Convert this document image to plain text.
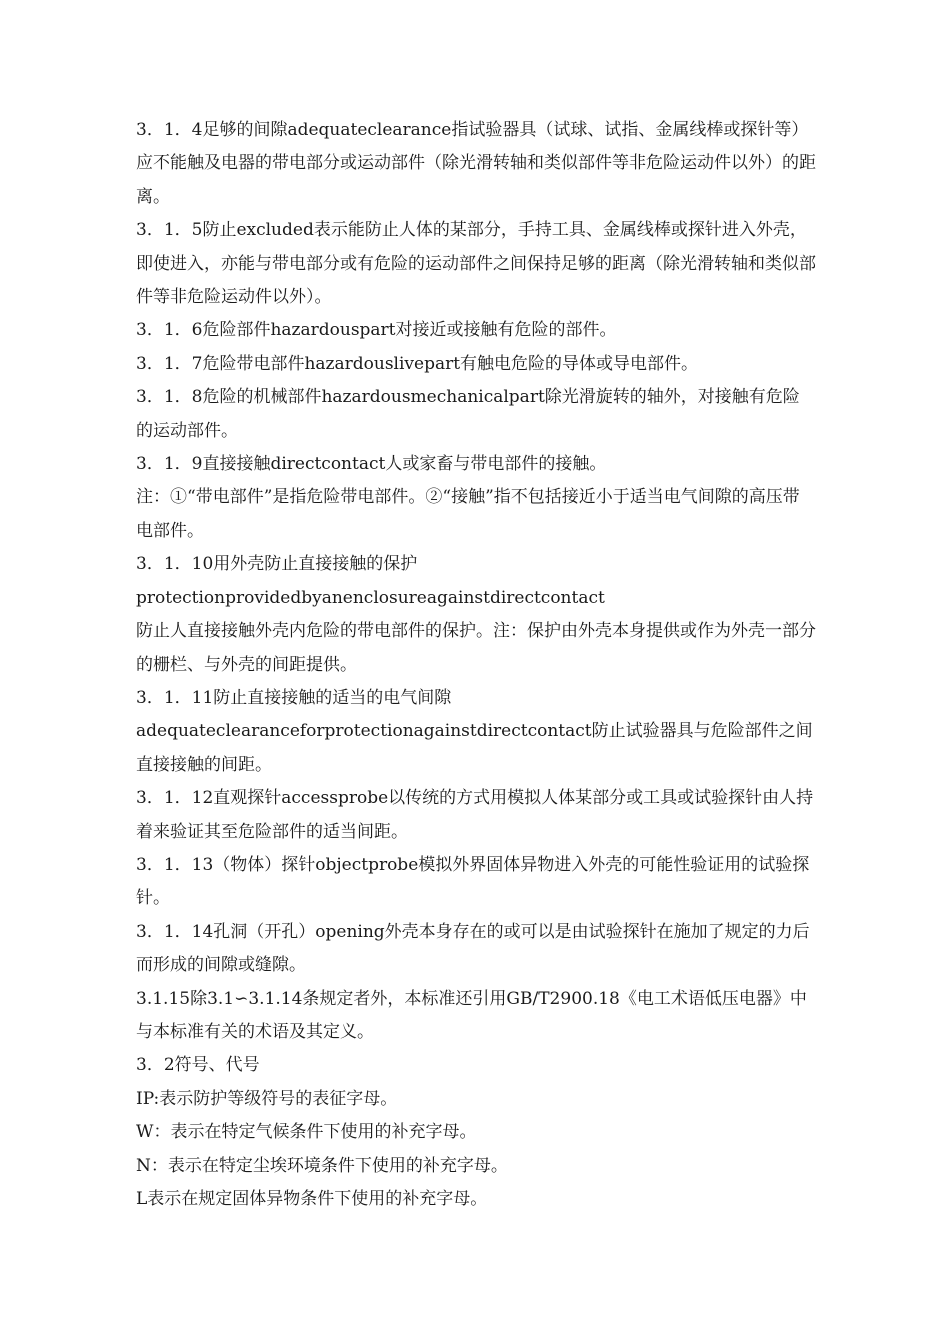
3．1．4足够的间隙adequateclearance指试验器具（试球、试指、金属线棒或探针等）应不能触及电器的带电部分或运动部件（除光滑转轴和类似部件等非危险运动件以外）的距离。

3．1．5防止excluded表示能防止人体的某部分，手持工具、金属线棒或探针进入外壳，即使进入，亦能与带电部分或有危险的运动部件之间保持足够的距离（除光滑转轴和类似部件等非危险运动件以外）。

3．1．6危险部件hazardouspart对接近或接触有危险的部件。

3．1．7危险带电部件hazardouslivepart有触电危险的导体或导电部件。

3．1．8危险的机械部件hazardousmechanicalpart除光滑旋转的轴外，对接触有危险的运动部件。

3．1．9直接接触directcontact人或家畜与带电部件的接触。

注：①“带电部件”是指危险带电部件。②“接触”指不包括接近小于适当电气间隙的高压带电部件。

3．1．10用外壳防止直接接触的保护

protectionprovidedbyanenclosureagainstdirectcontact

防止人直接接触外壳内危险的带电部件的保护。注：保护由外壳本身提供或作为外壳一部分的栅栏、与外壳的间距提供。

3．1．11防止直接接触的适当的电气间隙

adequateclearanceforprotectionagainstdirectcontact防止试验器具与危险部件之间直接接触的间距。

3．1．12直观探针accessprobe以传统的方式用模拟人体某部分或工具或试验探针由人持着来验证其至危险部件的适当间距。

3．1．13（物体）探针objectprobe模拟外界固体异物进入外壳的可能性验证用的试验探针。

3．1．14孔洞（开孔）opening外壳本身存在的或可以是由试验探针在施加了规定的力后而形成的间隙或缝隙。

3.1.15除3.1∽3.1.14条规定者外，本标准还引用GB/T2900.18《电工术语低压电器》中与本标准有关的术语及其定义。

3．2符号、代号

IP:表示防护等级符号的表征字母。

W：表示在特定气候条件下使用的补充字母。

N：表示在特定尘埃环境条件下使用的补充字母。

L表示在规定固体异物条件下使用的补充字母。
